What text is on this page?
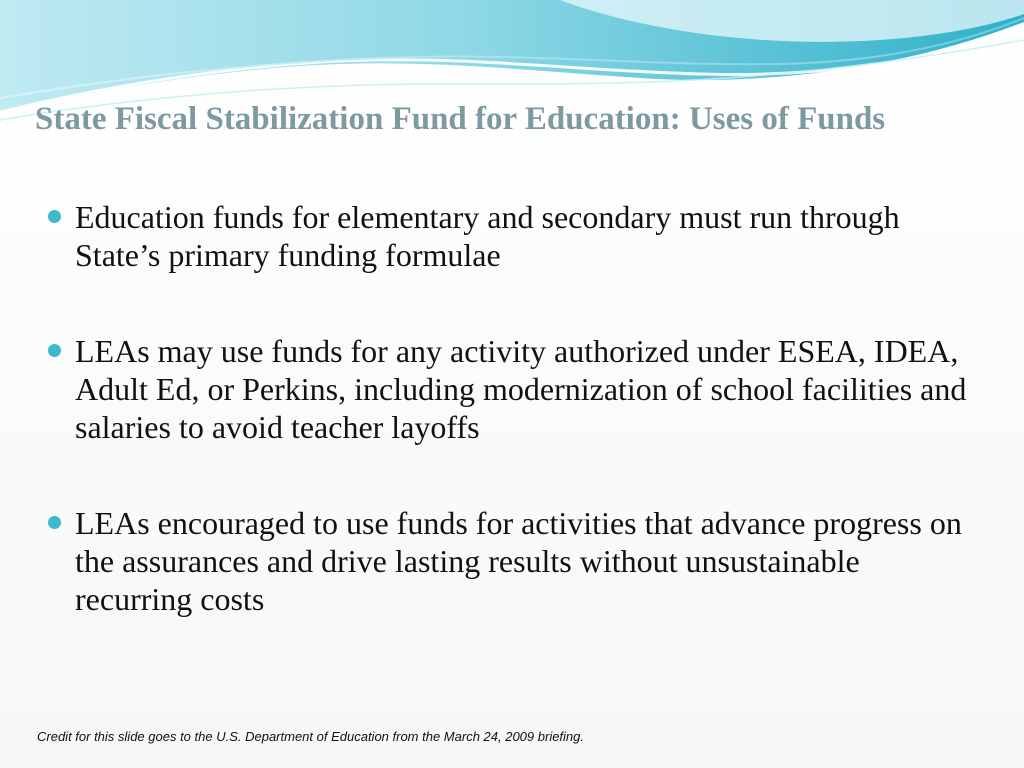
State Fiscal Stabilization Fund for Education: Uses of Funds
Education funds for elementary and secondary must run through State’s primary funding formulae
LEAs may use funds for any activity authorized under ESEA, IDEA, Adult Ed, or Perkins, including modernization of school facilities and salaries to avoid teacher layoffs
LEAs encouraged to use funds for activities that advance progress on the assurances and drive lasting results without unsustainable recurring costs

Credit for this slide goes to the U.S. Department of Education from the March 24, 2009 briefing.
